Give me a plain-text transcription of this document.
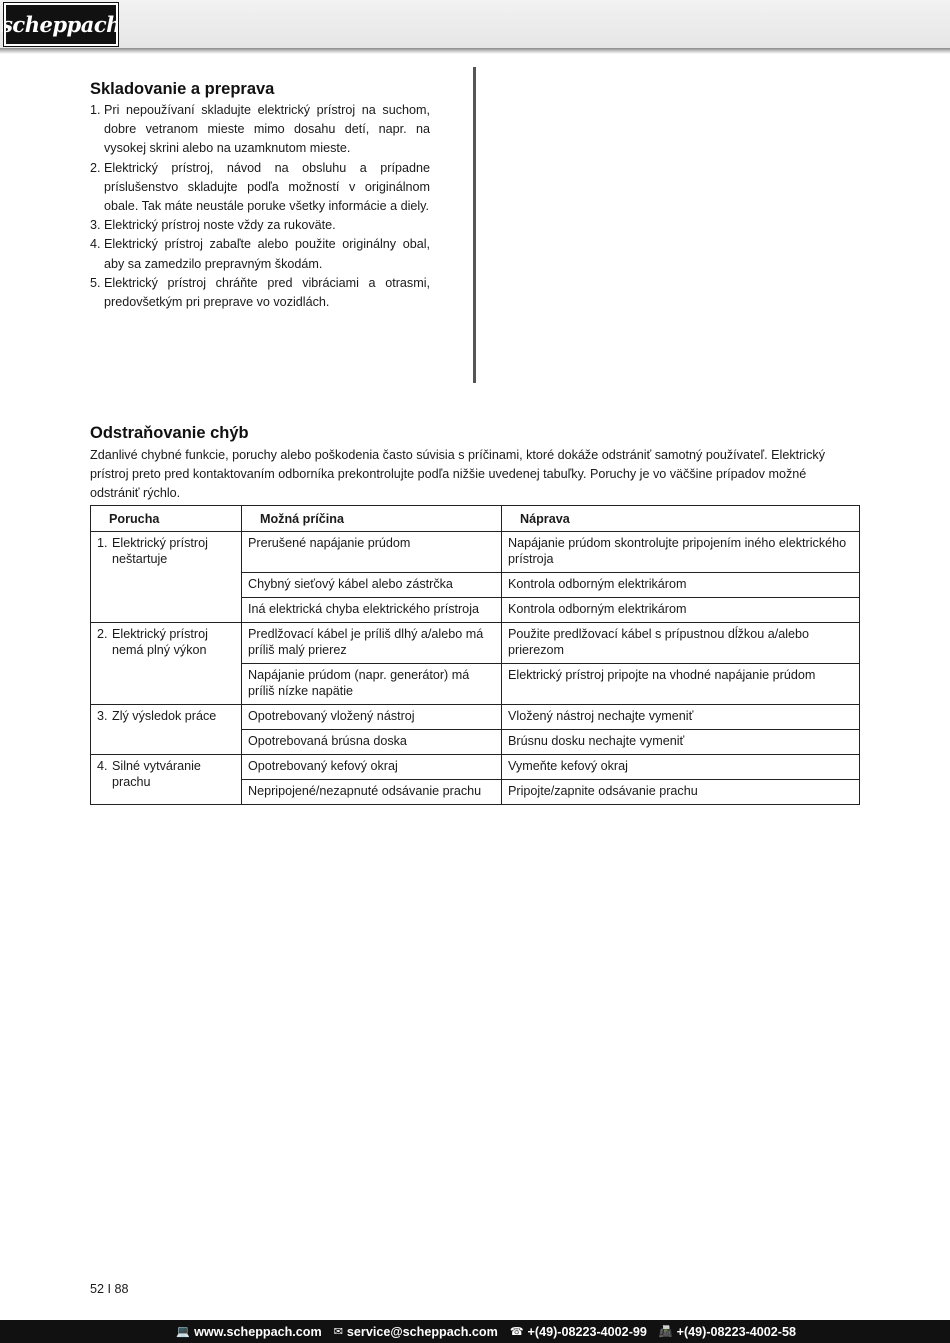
scheppach
Skladovanie a preprava
1. Pri nepoužívaní skladujte elektrický prístroj na suchom, dobre vetranom mieste mimo dosahu detí, napr. na vysokej skrini alebo na uzamknutom mieste.
2. Elektrický prístroj, návod na obsluhu a prípadne príslušenstvo skladujte podľa možností v originálnom obale. Tak máte neustále poruke všetky informácie a diely.
3. Elektrický prístroj noste vždy za rukoväte.
4. Elektrický prístroj zabaľte alebo použite originálny obal, aby sa zamedzilo prepravným škodám.
5. Elektrický prístroj chráňte pred vibráciami a otrasmi, predovšetkým pri preprave vo vozidlách.
Odstraňovanie chýb
Zdanlivé chybné funkcie, poruchy alebo poškodenia často súvisia s príčinami, ktoré dokáže odstrániť samotný používateľ. Elektrický prístroj preto pred kontaktovaním odborníka prekontrolujte podľa nižšie uvedenej tabuľky. Poruchy je vo väčšine prípadov možné odstrániť rýchlo.
Porucha	Možná príčina	Náprava

1. Elektrický prístroj neštartuje	Prerušené napájanie prúdom	Napájanie prúdom skontrolujte pripojením iného elektrického prístroja
	Chybný sieťový kábel alebo zástrčka	Kontrola odborným elektrikárom
	Iná elektrická chyba elektrického prístroja	Kontrola odborným elektrikárom

2. Elektrický prístroj nemá plný výkon	Predlžovací kábel je príliš dlhý a/alebo má príliš malý prierez	Použite predlžovací kábel s prípustnou dĺžkou a/alebo prierezom
	Napájanie prúdom (napr. generátor) má príliš nízke napätie	Elektrický prístroj pripojte na vhodné napájanie prúdom

3. Zlý výsledok práce	Opotrebovaný vložený nástroj	Vložený nástroj nechajte vymeniť
	Opotrebovaná brúsna doska	Brúsnu dosku nechajte vymeniť

4. Silné vytváranie prachu	Opotrebovaný kefový okraj	Vymeňte kefový okraj
	Nepripojené/nezapnuté odsávanie prachu	Pripojte/zapnite odsávanie prachu
52 I 88
💻 www.scheppach.com ✉ service@scheppach.com ☎ +(49)-08223-4002-99 📠 +(49)-08223-4002-58
